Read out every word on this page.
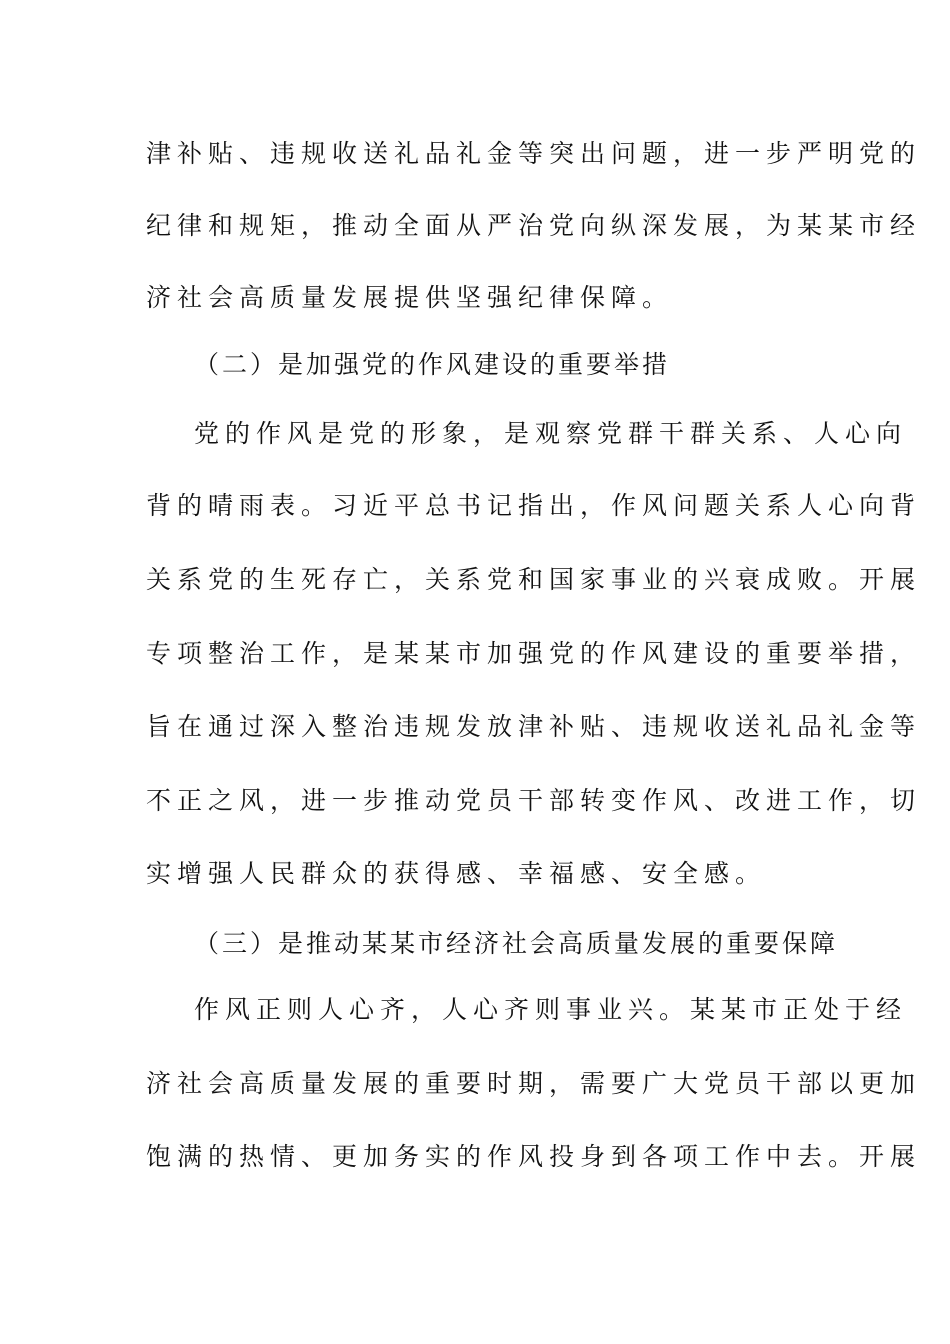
津补贴、违规收送礼品礼金等突出问题，进一步严明党的
纪律和规矩，推动全面从严治党向纵深发展，为某某市经
济社会高质量发展提供坚强纪律保障。
（二）是加强党的作风建设的重要举措
党的作风是党的形象，是观察党群干群关系、人心向
背的晴雨表。习近平总书记指出，作风问题关系人心向背
关系党的生死存亡，关系党和国家事业的兴衰成败。开展
专项整治工作，是某某市加强党的作风建设的重要举措，
旨在通过深入整治违规发放津补贴、违规收送礼品礼金等
不正之风，进一步推动党员干部转变作风、改进工作，切
实增强人民群众的获得感、幸福感、安全感。
（三）是推动某某市经济社会高质量发展的重要保障
作风正则人心齐，人心齐则事业兴。某某市正处于经
济社会高质量发展的重要时期，需要广大党员干部以更加
饱满的热情、更加务实的作风投身到各项工作中去。开展
